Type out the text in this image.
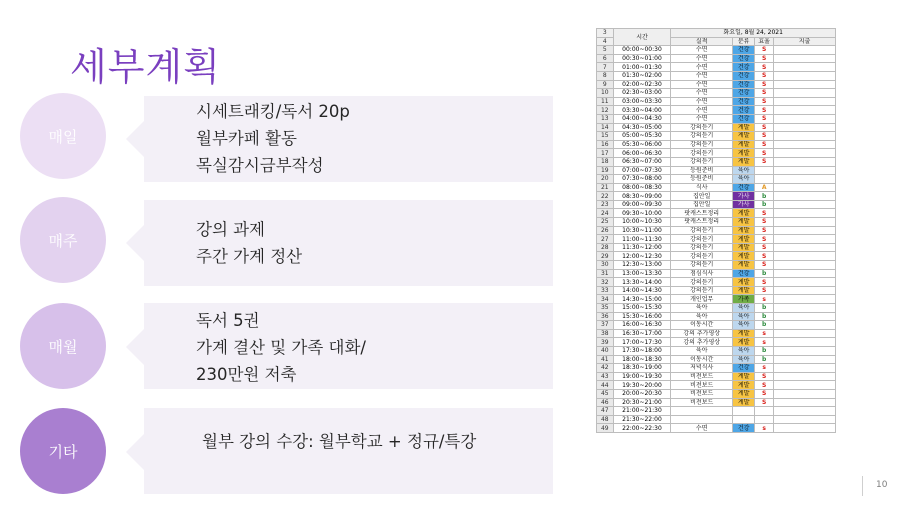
세부계획
시세트래킹/독서 20p
월부카페 활동
목실감시금부작성
매일
강의 과제
주간 가계 정산
매주
독서 5권
가계 결산 및 가족 대화/
230만원 저축
매월
월부 강의 수강: 월부학교 + 정규/특강
기타
3	시간	화요일, 8월 24, 2021			
4		실적	분류	효율	지출
5	00:00~00:30	수면	건강	S	
6	00:30~01:00	수면	건강	S	
7	01:00~01:30	수면	건강	S	
8	01:30~02:00	수면	건강	S	
9	02:00~02:30	수면	건강	S	
10	02:30~03:00	수면	건강	S	
11	03:00~03:30	수면	건강	S	
12	03:30~04:00	수면	건강	S	
13	04:00~04:30	수면	건강	S	
14	04:30~05:00	강의듣기	계발	S	
15	05:00~05:30	강의듣기	계발	S	
16	05:30~06:00	강의듣기	계발	S	
17	06:00~06:30	강의듣기	계발	S	
18	06:30~07:00	강의듣기	계발	S	
19	07:00~07:30	등원준비	육아		
20	07:30~08:00	등원준비	육아		
21	08:00~08:30	식사	건강	A	
22	08:30~09:00	집안일	가사	b	
23	09:00~09:30	집안일	가사	b	
24	09:30~10:00	팟캐스트정리	계발	S	
25	10:00~10:30	팟캐스트정리	계발	S	
26	10:30~11:00	강의듣기	계발	S	
27	11:00~11:30	강의듣기	계발	S	
28	11:30~12:00	강의듣기	계발	S	
29	12:00~12:30	강의듣기	계발	S	
30	12:30~13:00	강의듣기	계발	S	
31	13:00~13:30	점심식사	건강	b	
32	13:30~14:00	강의듣기	계발	S	
33	14:00~14:30	강의듣기	계발	S	
34	14:30~15:00	개인업무	가족	s	
35	15:00~15:30	육아	육아	b	
36	15:30~16:00	육아	육아	b	
37	16:00~16:30	이동시간	육아	b	
38	16:30~17:00	강의 추가영상	계발	s	
39	17:00~17:30	강의 추가영상	계발	s	
40	17:30~18:00	육아	육아	b	
41	18:00~18:30	이동시간	육아	b	
42	18:30~19:00	저녁식사	건강	s	
43	19:00~19:30	비전보드	계발	S	
44	19:30~20:00	비전보드	계발	S	
45	20:00~20:30	비전보드	계발	S	
46	20:30~21:00	비전보드	계발	S	
47	21:00~21:30				
48	21:30~22:00				
49	22:00~22:30	수면	건강	s	
10
